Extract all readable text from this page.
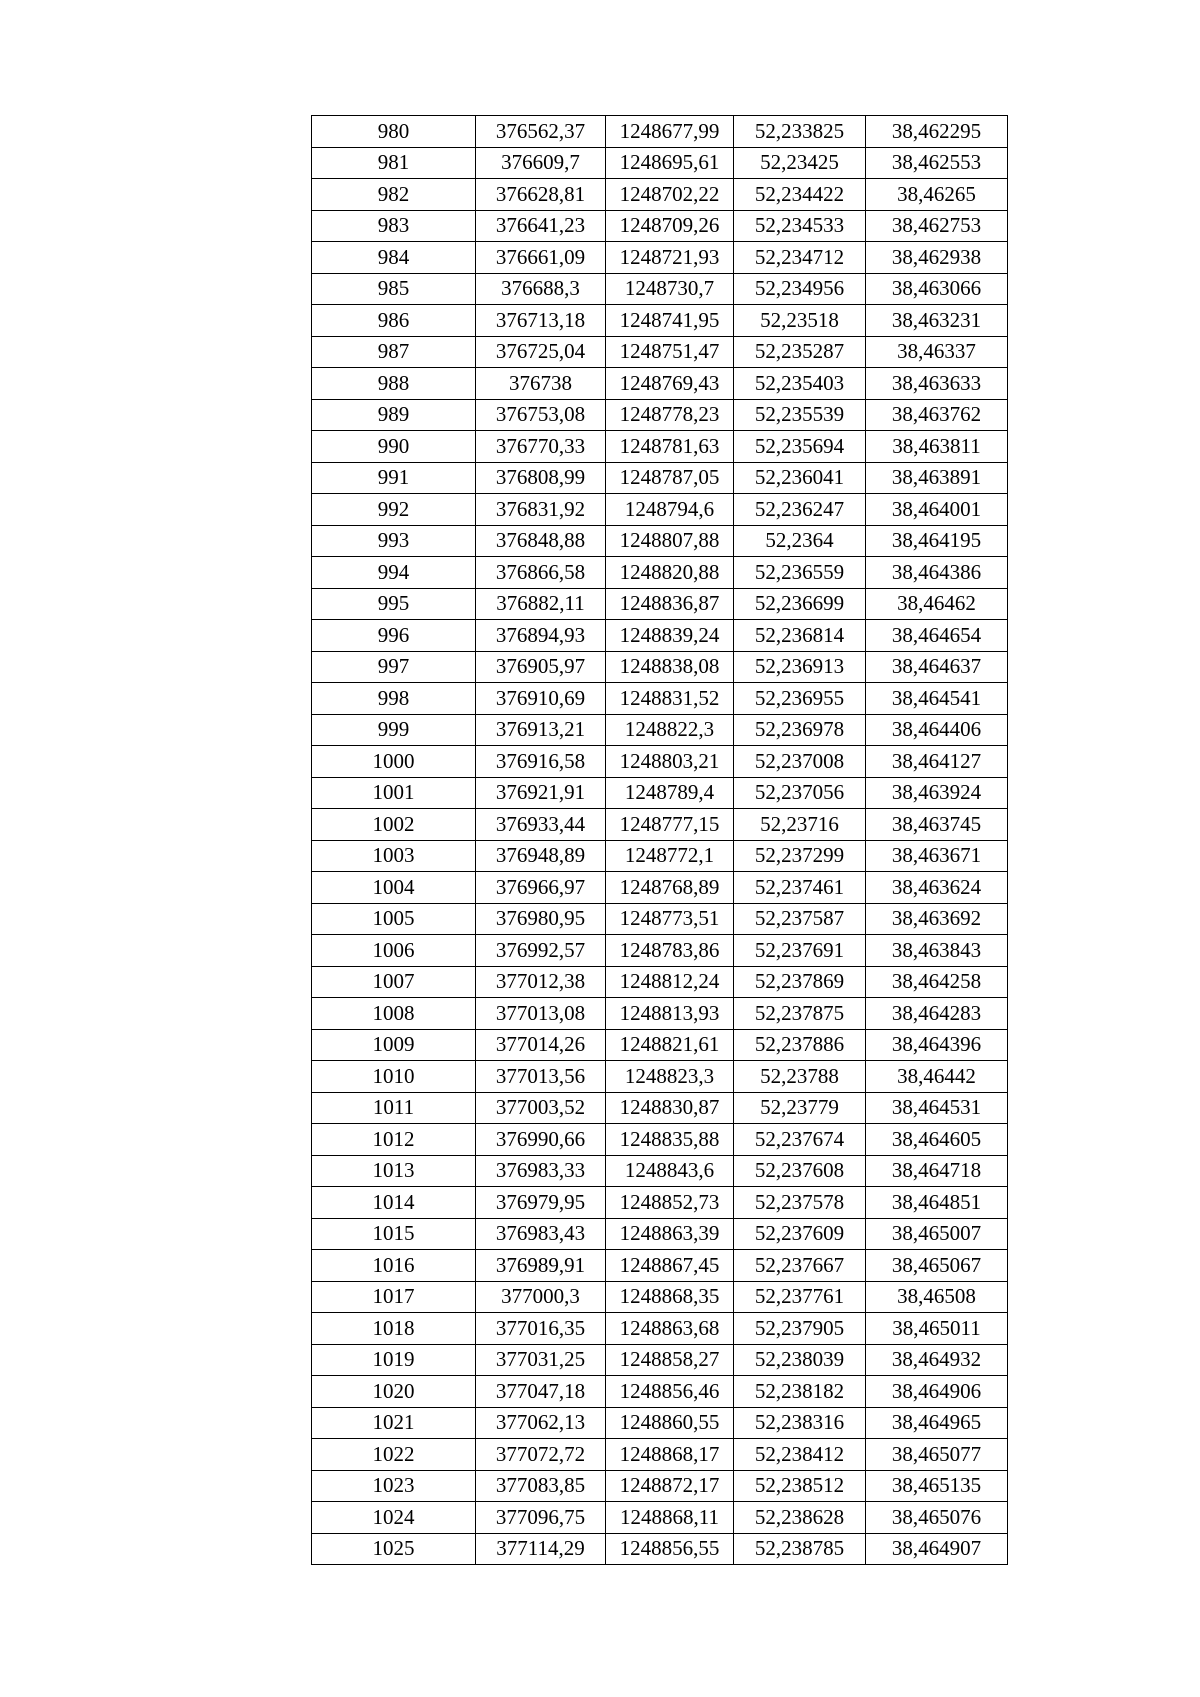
980	376562,37	1248677,99	52,233825	38,462295
981	376609,7	1248695,61	52,23425	38,462553
982	376628,81	1248702,22	52,234422	38,46265
983	376641,23	1248709,26	52,234533	38,462753
984	376661,09	1248721,93	52,234712	38,462938
985	376688,3	1248730,7	52,234956	38,463066
986	376713,18	1248741,95	52,23518	38,463231
987	376725,04	1248751,47	52,235287	38,46337
988	376738	1248769,43	52,235403	38,463633
989	376753,08	1248778,23	52,235539	38,463762
990	376770,33	1248781,63	52,235694	38,463811
991	376808,99	1248787,05	52,236041	38,463891
992	376831,92	1248794,6	52,236247	38,464001
993	376848,88	1248807,88	52,2364	38,464195
994	376866,58	1248820,88	52,236559	38,464386
995	376882,11	1248836,87	52,236699	38,46462
996	376894,93	1248839,24	52,236814	38,464654
997	376905,97	1248838,08	52,236913	38,464637
998	376910,69	1248831,52	52,236955	38,464541
999	376913,21	1248822,3	52,236978	38,464406
1000	376916,58	1248803,21	52,237008	38,464127
1001	376921,91	1248789,4	52,237056	38,463924
1002	376933,44	1248777,15	52,23716	38,463745
1003	376948,89	1248772,1	52,237299	38,463671
1004	376966,97	1248768,89	52,237461	38,463624
1005	376980,95	1248773,51	52,237587	38,463692
1006	376992,57	1248783,86	52,237691	38,463843
1007	377012,38	1248812,24	52,237869	38,464258
1008	377013,08	1248813,93	52,237875	38,464283
1009	377014,26	1248821,61	52,237886	38,464396
1010	377013,56	1248823,3	52,23788	38,46442
1011	377003,52	1248830,87	52,23779	38,464531
1012	376990,66	1248835,88	52,237674	38,464605
1013	376983,33	1248843,6	52,237608	38,464718
1014	376979,95	1248852,73	52,237578	38,464851
1015	376983,43	1248863,39	52,237609	38,465007
1016	376989,91	1248867,45	52,237667	38,465067
1017	377000,3	1248868,35	52,237761	38,46508
1018	377016,35	1248863,68	52,237905	38,465011
1019	377031,25	1248858,27	52,238039	38,464932
1020	377047,18	1248856,46	52,238182	38,464906
1021	377062,13	1248860,55	52,238316	38,464965
1022	377072,72	1248868,17	52,238412	38,465077
1023	377083,85	1248872,17	52,238512	38,465135
1024	377096,75	1248868,11	52,238628	38,465076
1025	377114,29	1248856,55	52,238785	38,464907
